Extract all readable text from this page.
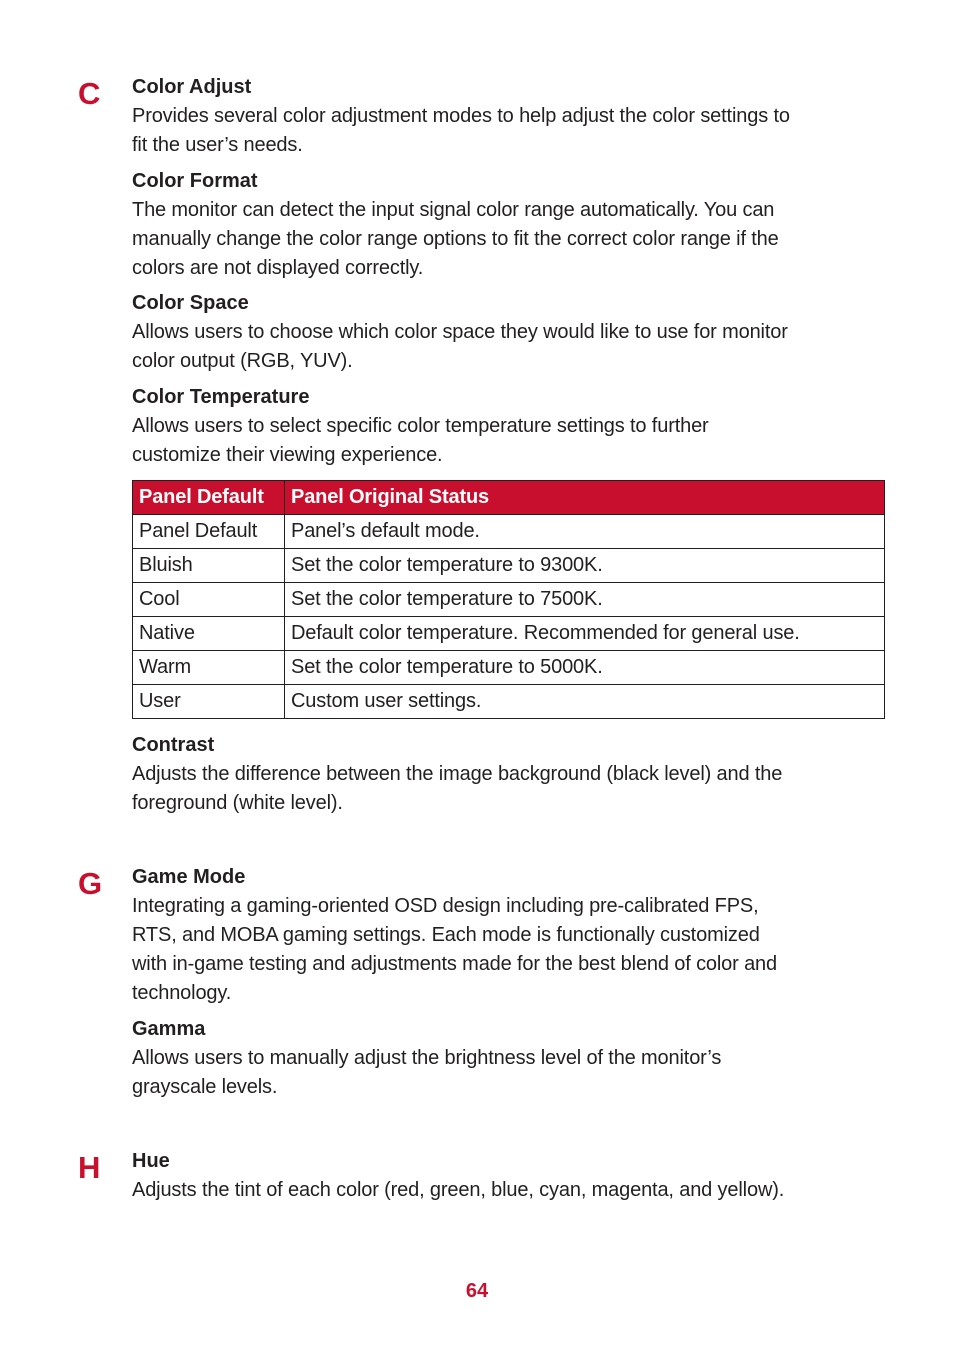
C
G
H
Color Adjust
Provides several color adjustment modes to help adjust the color settings to
fit the user’s needs.
Color Format
The monitor can detect the input signal color range automatically. You can
manually change the color range options to fit the correct color range if the
colors are not displayed correctly.
Color Space
Allows users to choose which color space they would like to use for monitor
color output (RGB, YUV).
Color Temperature
Allows users to select specific color temperature settings to further
customize their viewing experience.
Panel Default	Panel Original Status
Panel Default	Panel’s default mode.
Bluish	Set the color temperature to 9300K.
Cool	Set the color temperature to 7500K.
Native	Default color temperature. Recommended for general use.
Warm	Set the color temperature to 5000K.
User	Custom user settings.
Contrast
Adjusts the difference between the image background (black level) and the
foreground (white level).
Game Mode
Integrating a gaming-oriented OSD design including pre-calibrated FPS,
RTS, and MOBA gaming settings. Each mode is functionally customized
with in-game testing and adjustments made for the best blend of color and
technology.
Gamma
Allows users to manually adjust the brightness level of the monitor’s
grayscale levels.
Hue
Adjusts the tint of each color (red, green, blue, cyan, magenta, and yellow).
64
